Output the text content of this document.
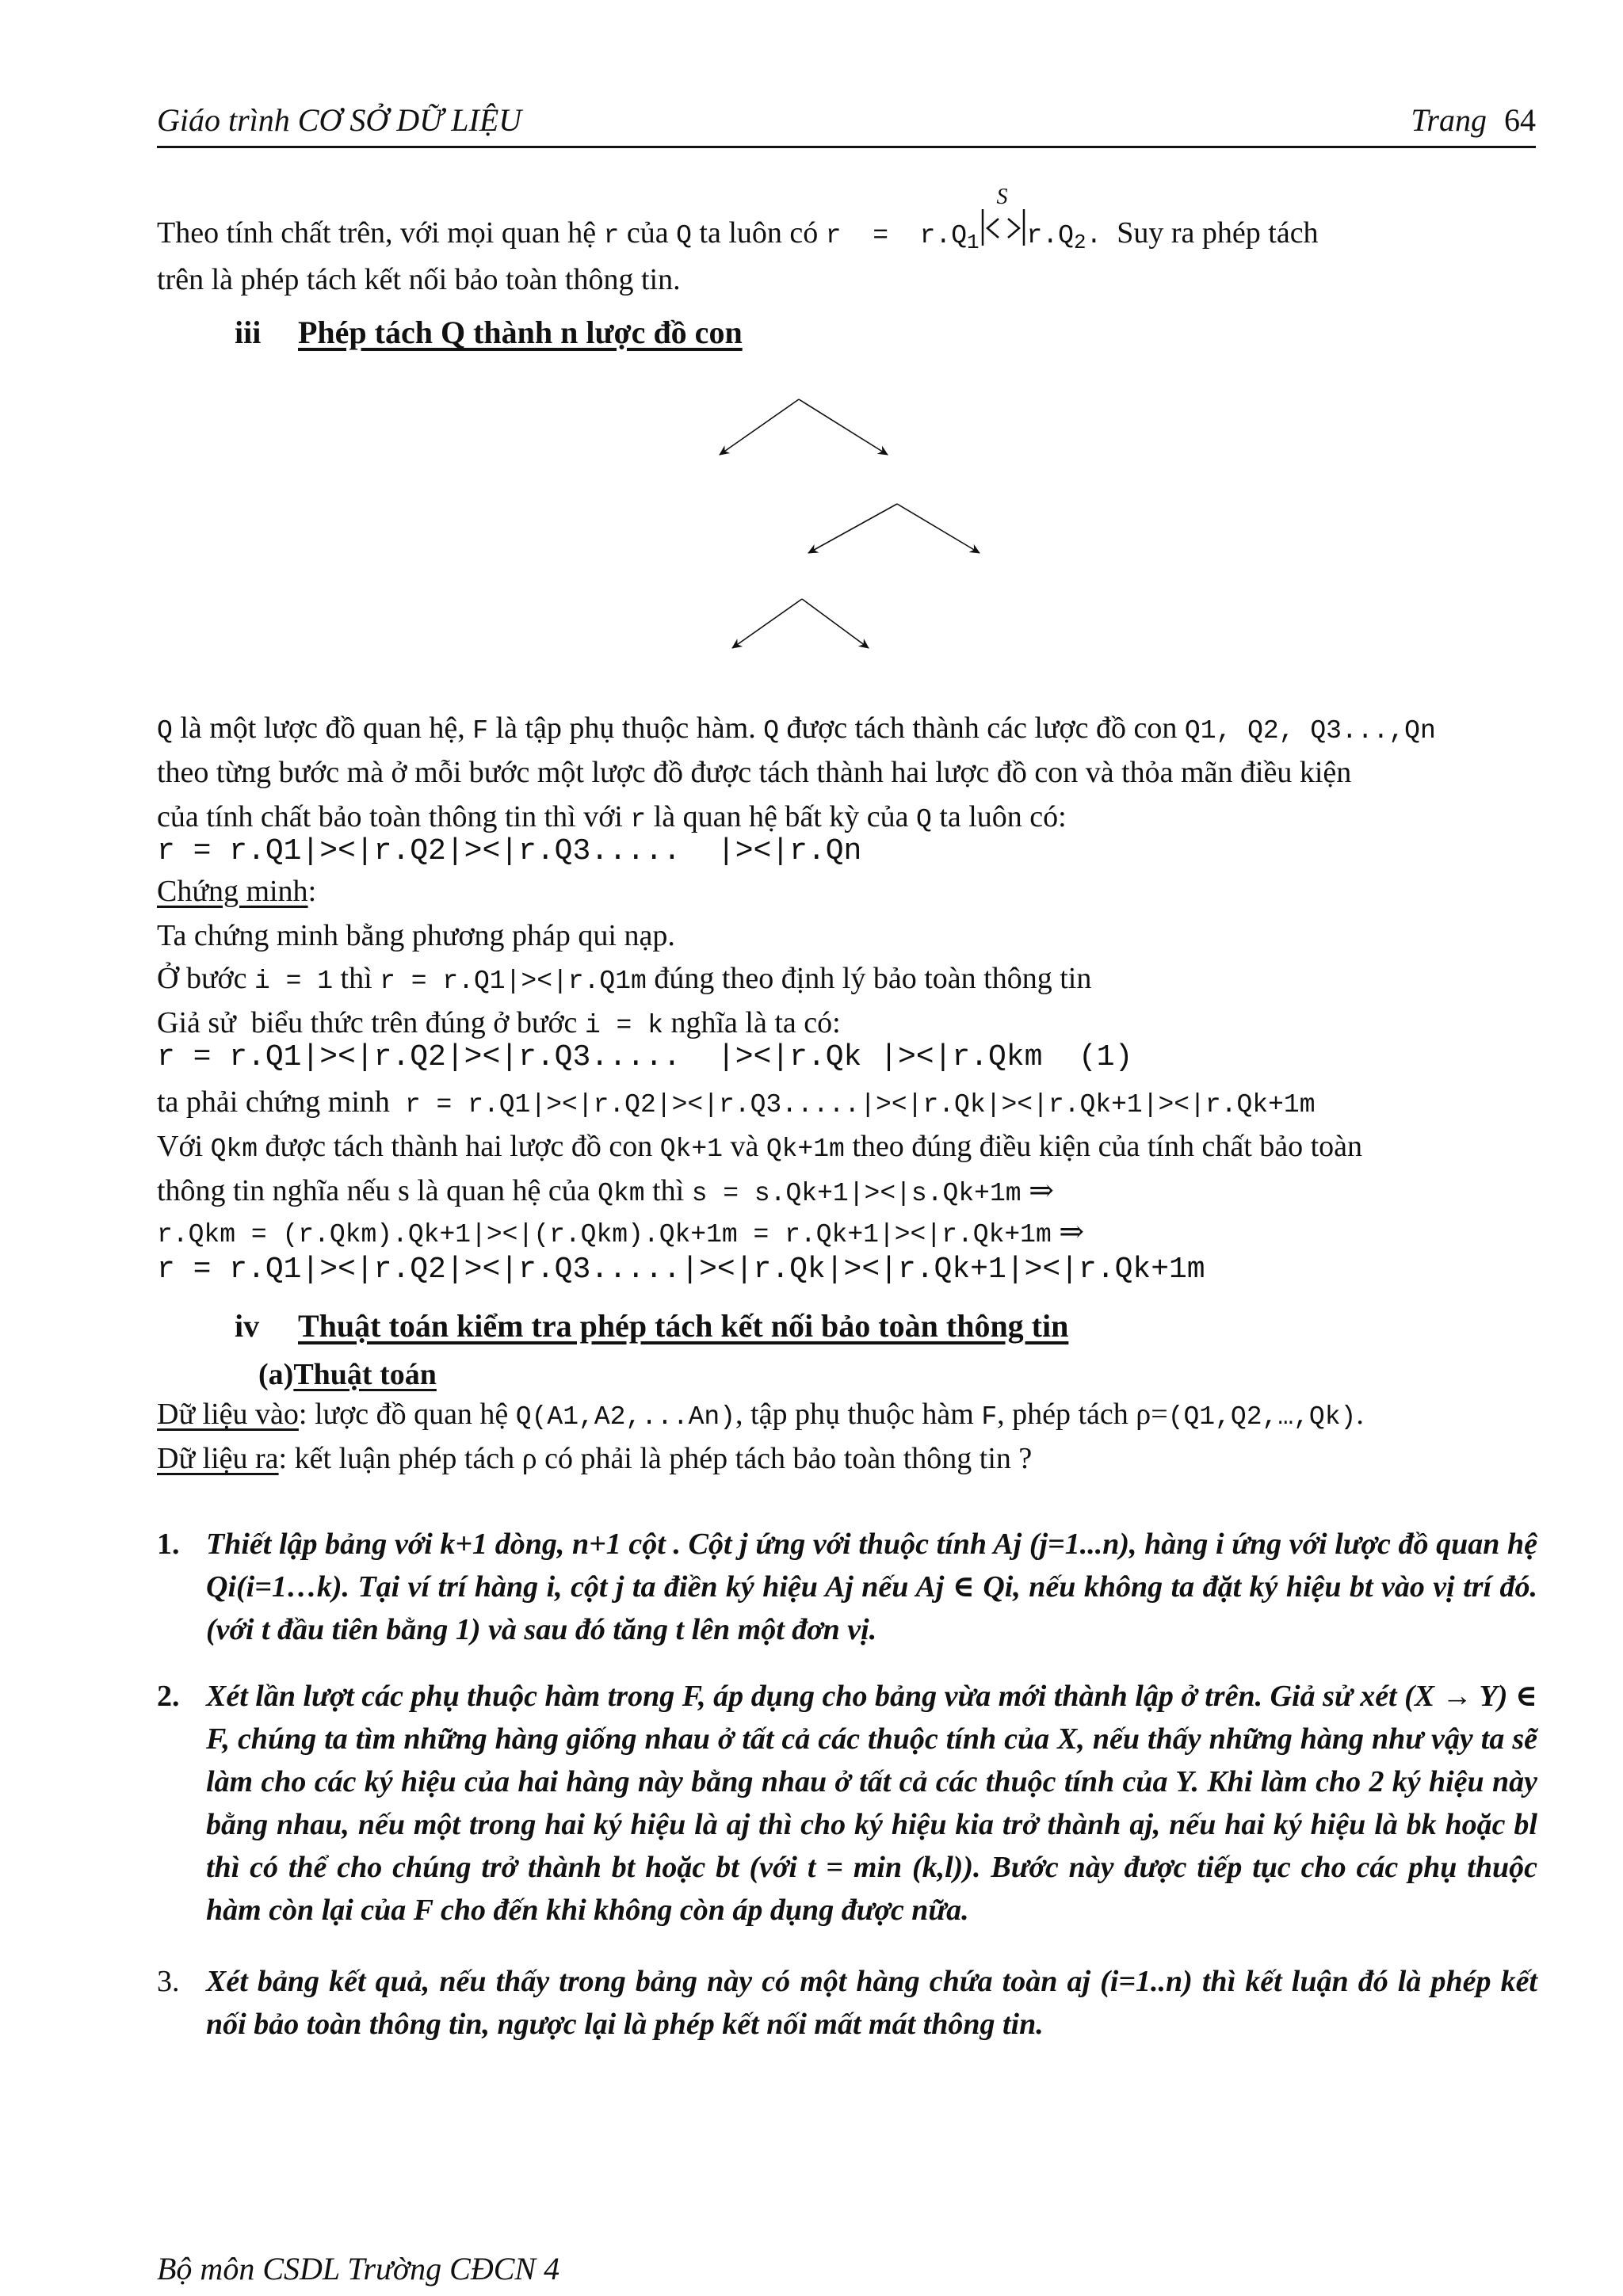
Giáo trình CƠ SỞ DỮ LIỆU	Trang 64
Theo tính chất trên, với mọi quan hệ r của Q ta luôn có $r = r.Q_1$
S
$r.Q_2$. Suy ra phép tách
trên là phép tách kết nối bảo toàn thông tin.
iii Phép tách Q thành n lược đồ con
Q là một lược đồ quan hệ, F là tập phụ thuộc hàm. Q được tách thành các lược đồ con Q1, Q2, Q3...,Qn
theo từng bước mà ở mỗi bước một lược đồ được tách thành hai lược đồ con và thỏa mãn điều kiện
của tính chất bảo toàn thông tin thì với r là quan hệ bất kỳ của Q ta luôn có:
r = r.Q1|><|r.Q2|><|r.Q3.....  |><|r.Qn
Chứng minh:
Ta chứng minh bằng phương pháp qui nạp.
Ở bước i = 1 thì r = r.Q1|><|r.Q1m đúng theo định lý bảo toàn thông tin
Giả sử  biểu thức trên đúng ở bước i = k nghĩa là ta có:
r = r.Q1|><|r.Q2|><|r.Q3.....  |><|r.Qk |><|r.Qkm  (1)
ta phải chứng minh  r = r.Q1|><|r.Q2|><|r.Q3.....|><|r.Qk|><|r.Qk+1|><|r.Qk+1m
Với Qkm được tách thành hai lược đồ con Qk+1 và Qk+1m theo đúng điều kiện của tính chất bảo toàn
thông tin nghĩa nếu s là quan hệ của Qkm thì s = s.Qk+1|><|s.Qk+1m ⇒
r.Qkm = (r.Qkm).Qk+1|><|(r.Qkm).Qk+1m = r.Qk+1|><|r.Qk+1m ⇒
r = r.Q1|><|r.Q2|><|r.Q3.....|><|r.Qk|><|r.Qk+1|><|r.Qk+1m
iv Thuật toán kiểm tra phép tách kết nối bảo toàn thông tin
(a)Thuật toán
Dữ liệu vào: lược đồ quan hệ Q(A1,A2,...An), tập phụ thuộc hàm F, phép tách ρ=(Q1,Q2,…,Qk).
Dữ liệu ra: kết luận phép tách ρ có phải là phép tách bảo toàn thông tin ?
1. Thiết lập bảng với k+1 dòng, n+1 cột . Cột j ứng với thuộc tính Aj (j=1...n), hàng i ứng với lược đồ quan hệ Qi(i=1…k). Tại ví trí hàng i, cột j ta điền ký hiệu Aj nếu Aj ∈ Qi, nếu không ta đặt ký hiệu bt vào vị trí đó. (với t đầu tiên bằng 1) và sau đó tăng t lên một đơn vị.
2. Xét lần lượt các phụ thuộc hàm trong F, áp dụng cho bảng vừa mới thành lập ở trên. Giả sử xét (X → Y) ∈ F, chúng ta tìm những hàng giống nhau ở tất cả các thuộc tính của X, nếu thấy những hàng như vậy ta sẽ làm cho các ký hiệu của hai hàng này bằng nhau ở tất cả các thuộc tính của Y. Khi làm cho 2 ký hiệu này bằng nhau, nếu một trong hai ký hiệu là aj thì cho ký hiệu kia trở thành aj, nếu hai ký hiệu là bk hoặc bl thì có thể cho chúng trở thành bt hoặc bt (với t = min (k,l)). Bước này được tiếp tục cho các phụ thuộc hàm còn lại của F cho đến khi không còn áp dụng được nữa.
3. Xét bảng kết quả, nếu thấy trong bảng này có một hàng chứa toàn aj (i=1..n) thì kết luận đó là phép kết nối bảo toàn thông tin, ngược lại là phép kết nối mất mát thông tin.
Bộ môn CSDL Trường CĐCN 4
